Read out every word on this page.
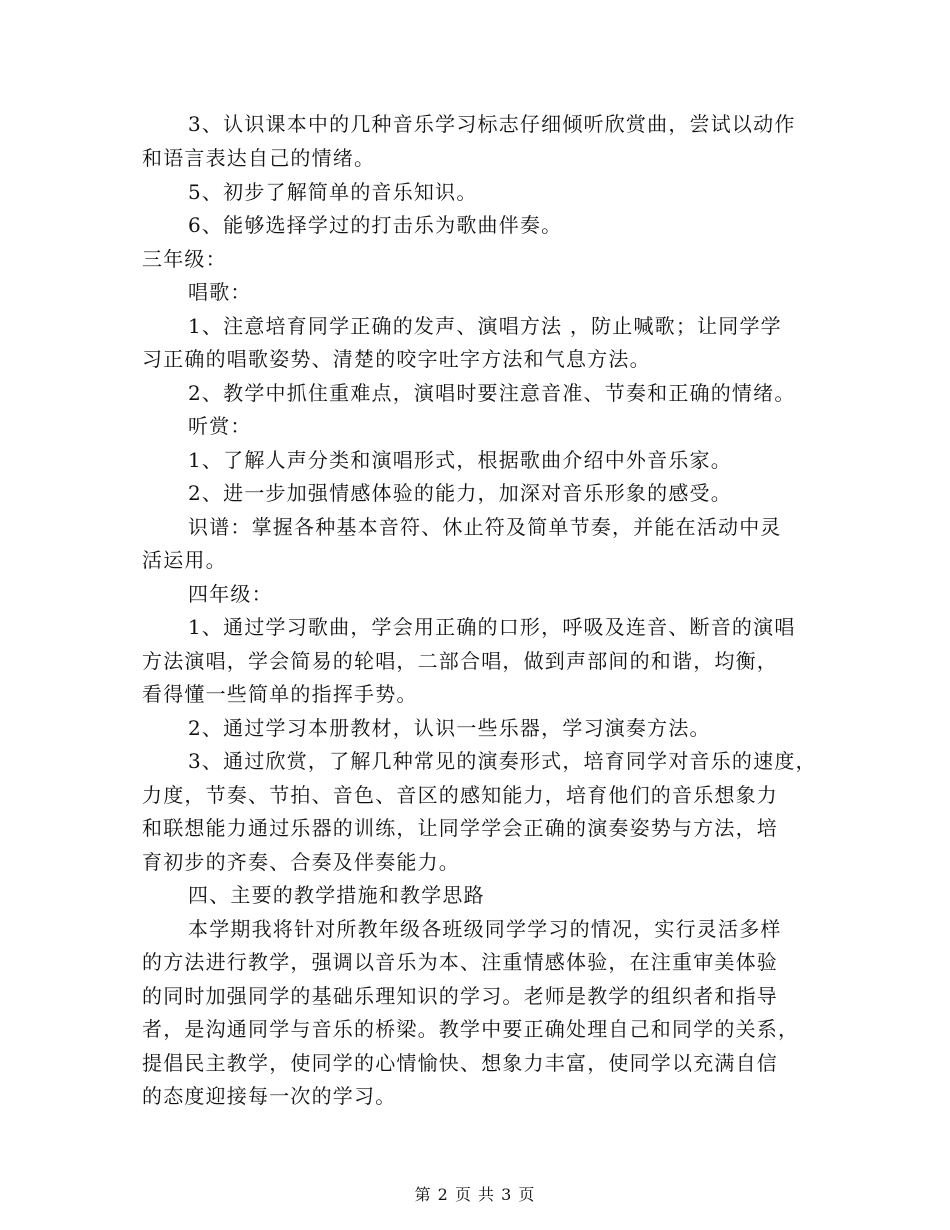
3、认识课本中的几种音乐学习标志仔细倾听欣赏曲，尝试以动作
和语言表达自己的情绪。
5、初步了解简单的音乐知识。
6、能够选择学过的打击乐为歌曲伴奏。
三年级：
唱歌：
1、注意培育同学正确的发声、演唱方法 ，防止喊歌；让同学学
习正确的唱歌姿势、清楚的咬字吐字方法和气息方法。
2、教学中抓住重难点，演唱时要注意音准、节奏和正确的情绪。
听赏：
1、了解人声分类和演唱形式，根据歌曲介绍中外音乐家。
2、进一步加强情感体验的能力，加深对音乐形象的感受。
识谱：掌握各种基本音符、休止符及简单节奏，并能在活动中灵
活运用。
四年级：
1、通过学习歌曲，学会用正确的口形，呼吸及连音、断音的演唱
方法演唱，学会简易的轮唱，二部合唱，做到声部间的和谐，均衡，
看得懂一些简单的指挥手势。
2、通过学习本册教材，认识一些乐器，学习演奏方法。
3、通过欣赏，了解几种常见的演奏形式，培育同学对音乐的速度，
力度，节奏、节拍、音色、音区的感知能力，培育他们的音乐想象力
和联想能力通过乐器的训练，让同学学会正确的演奏姿势与方法，培
育初步的齐奏、合奏及伴奏能力。
四、主要的教学措施和教学思路
本学期我将针对所教年级各班级同学学习的情况，实行灵活多样
的方法进行教学，强调以音乐为本、注重情感体验，在注重审美体验
的同时加强同学的基础乐理知识的学习。老师是教学的组织者和指导
者，是沟通同学与音乐的桥梁。教学中要正确处理自己和同学的关系，
提倡民主教学，使同学的心情愉快、想象力丰富，使同学以充满自信
的态度迎接每一次的学习。
第 2 页 共 3 页
